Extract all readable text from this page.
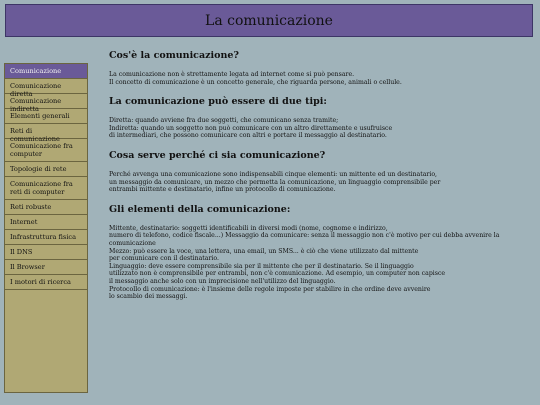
La comunicazione
Comunicazione
Comunicazione diretta
Comunicazione indiretta
Elementi generali
Reti di comunicazione
Comunicazione fra computer
Topologie di rete
Comunicazione fra reti di computer
Reti robuste
Internet
Infrastruttura fisica
Il DNS
Il Browser
I motori di ricerca
Cos'è la comunicazione?

La comunicazione non è strettamente legata ad internet come si può pensare.
Il concetto di comunicazione è un concetto generale, che riguarda persone, animali o cellule.

La comunicazione può essere di due tipi:

Diretta: quando avviene fra due soggetti, che comunicano senza tramite;
Indiretta: quando un soggetto non può comunicare con un altro direttamente e usufruisce
di intermediari, che possono comunicare con altri e portare il messaggio al destinatario.

Cosa serve perché ci sia comunicazione?

Perché avvenga una comunicazione sono indispensabili cinque elementi: un mittente ed un destinatario,
un messaggio da comunicare, un mezzo che permetta la comunicazione, un linguaggio comprensibile per
entrambi mittente e destinatario, infine un protocollo di comunicazione.

Gli elementi della comunicazione:

Mittente, destinatario: soggetti identificabili in diversi modi (nome, cognome e indirizzo,
numero di telefono, codice fiscale...) Messaggio da comunicare: senza il messaggio non c'è motivo per cui debba avvenire la comunicazione
Mezzo: può essere la voce, una lettera, una email, un SMS... è ciò che viene utilizzato dal mittente
per comunicare con il destinatario.
Linguaggio: deve essere comprensibile sia per il mittente che per il destinatario. Se il linguaggio
utilizzato non è comprensibile per entrambi, non c'è comunicazione. Ad esempio, un computer non capisce
il messaggio anche solo con un imprecisione nell'utilizzo del linguaggio.
Protocollo di comunicazione: è l'insieme delle regole imposte per stabilire in che ordine deve avvenire
lo scambio dei messaggi.
